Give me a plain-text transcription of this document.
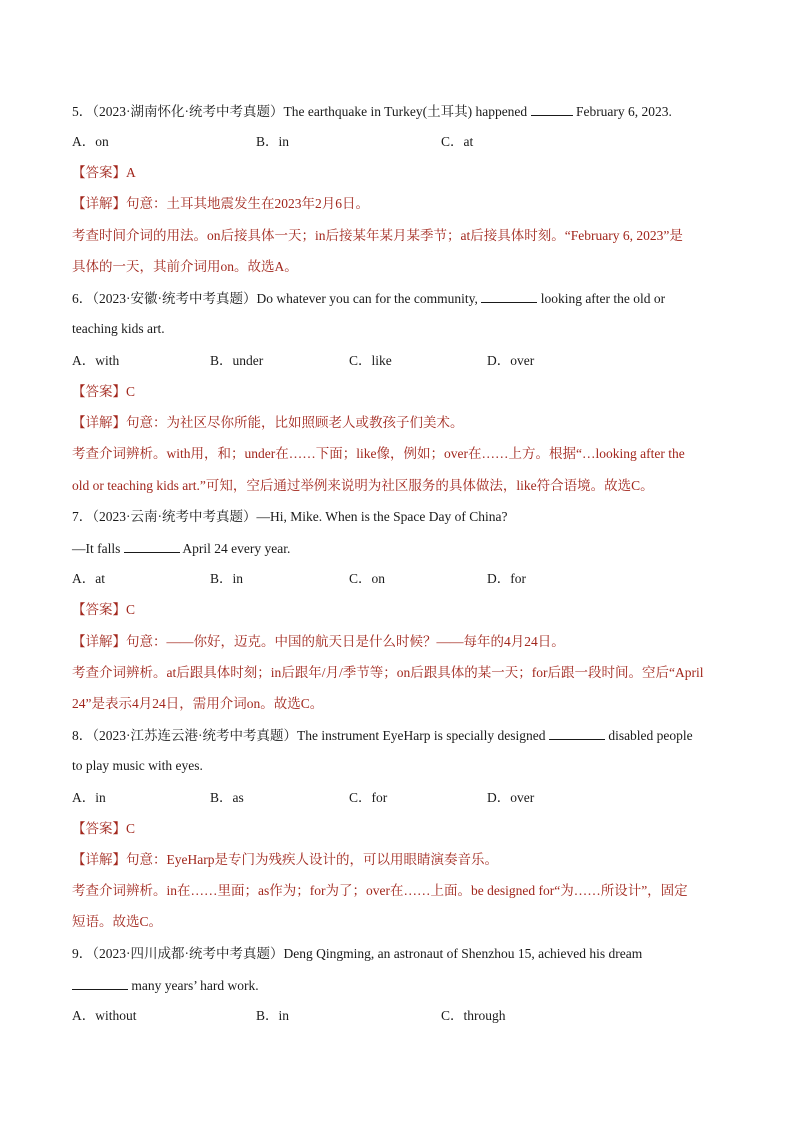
5．（2023·湖南怀化·统考中考真题）The earthquake in Turkey(土耳其) happened	February 6, 2023.
A．on	B．in	C．at
【答案】A
【详解】句意：土耳其地震发生在2023年2月6日。
考查时间介词的用法。on后接具体一天；in后接某年某月某季节；at后接具体时刻。“February 6, 2023”是
具体的一天，其前介词用on。故选A。
6．（2023·安徽·统考中考真题）Do whatever you can for the community,	looking after the old or
teaching kids art.
A．with	B．under	C．like	D．over
【答案】C
【详解】句意：为社区尽你所能，比如照顾老人或教孩子们美术。
考查介词辨析。with用，和；under在……下面；like像，例如；over在……上方。根据“…looking after the
old or teaching kids art.”可知，空后通过举例来说明为社区服务的具体做法，like符合语境。故选C。
7．（2023·云南·统考中考真题）—Hi, Mike. When is the Space Day of China?
—It falls	April 24 every year.
A．at	B．in	C．on	D．for
【答案】C
【详解】句意：——你好，迈克。中国的航天日是什么时候？——每年的4月24日。
考查介词辨析。at后跟具体时刻；in后跟年/月/季节等；on后跟具体的某一天；for后跟一段时间。空后“April
24”是表示4月24日，需用介词on。故选C。
8．（2023·江苏连云港·统考中考真题）The instrument EyeHarp is specially designed	disabled people
to play music with eyes.
A．in	B．as	C．for	D．over
【答案】C
【详解】句意：EyeHarp是专门为残疾人设计的，可以用眼睛演奏音乐。
考查介词辨析。in在……里面；as作为；for为了；over在……上面。be designed for“为……所设计”，固定
短语。故选C。
9．（2023·四川成都·统考中考真题）Deng Qingming, an astronaut of Shenzhou 15, achieved his dream
many years’ hard work.
A．without	B．in	C．through
